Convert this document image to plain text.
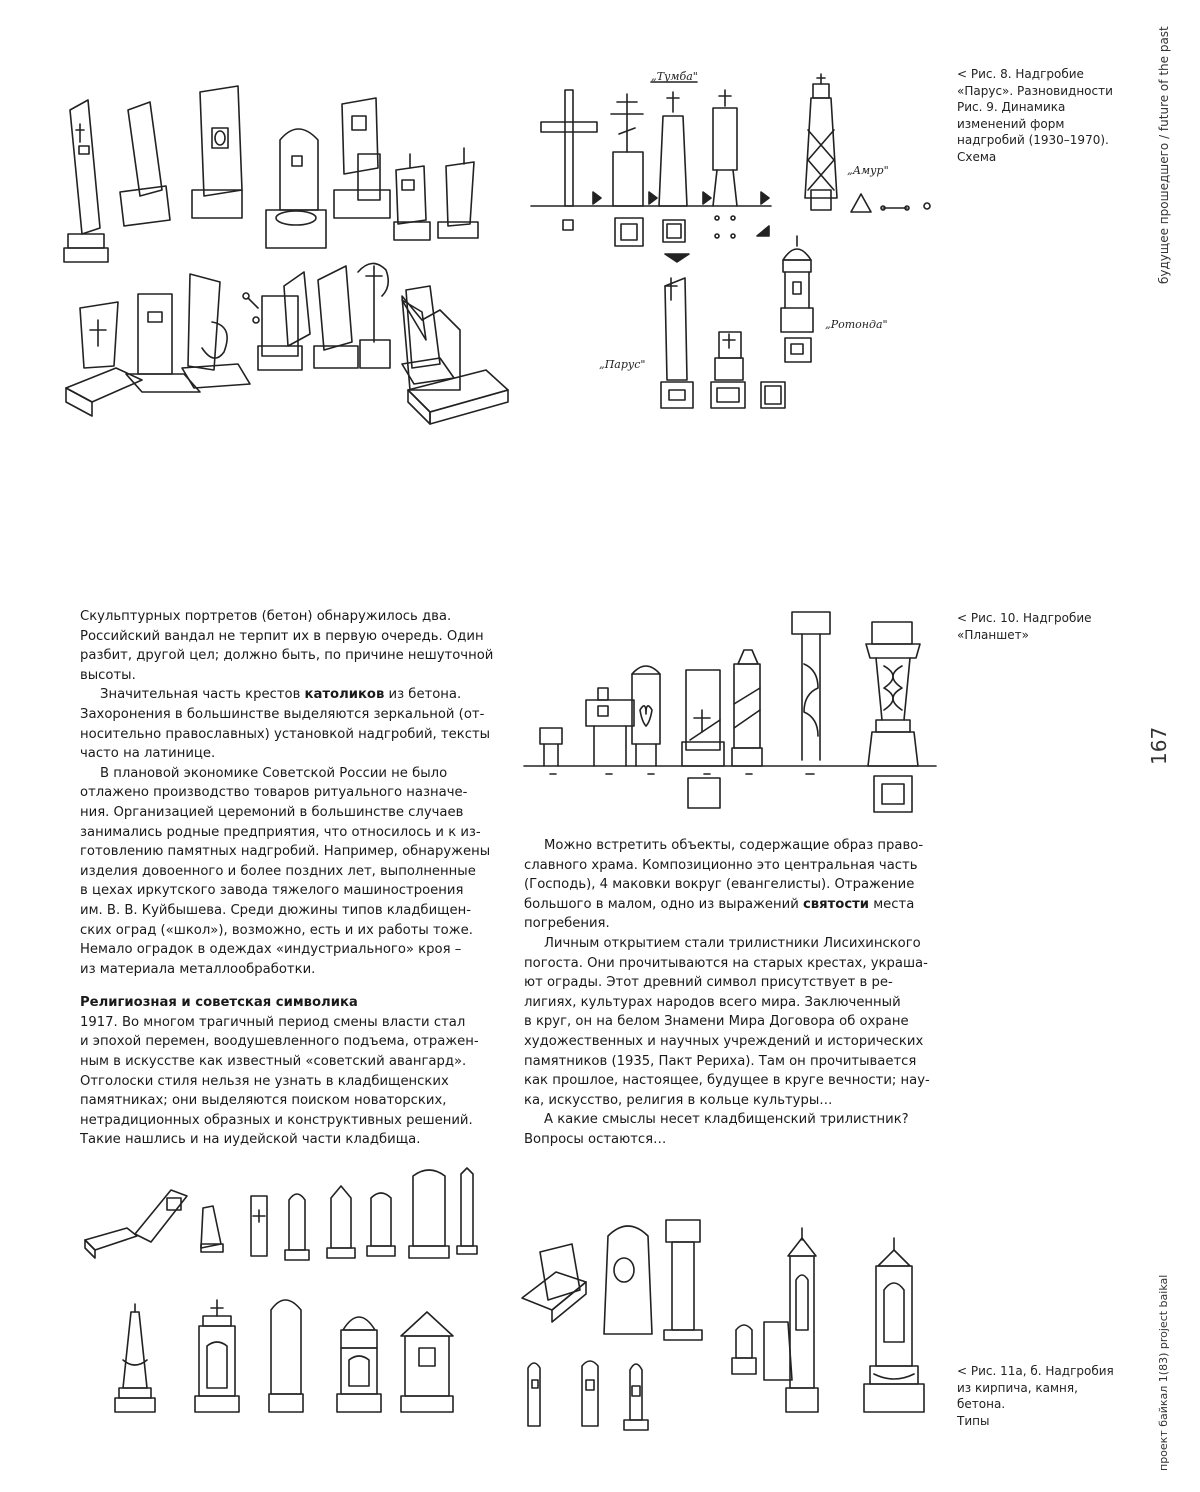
„Тумба"
„Амур"
„Парус"
„Ротонда"
< Рис. 8. Надгробие
«Парус». Разновидности
Рис. 9. Динамика
изменений форм
надгробий (1930–1970).
Схема	будущее прошедшего / future of the past
167
проект байкал 1(83) project baikal

Скульптурных портретов (бетон) обнаружилось два.
Российский вандал не терпит их в первую очередь. Один
разбит, другой цел; должно быть, по причине нешуточной
высоты.

Значительная часть крестов католиков из бетона.
Захоронения в большинстве выделяются зеркальной (от-
носительно православных) установкой надгробий, тексты
часто на латинице.

В плановой экономике Советской России не было
отлажено производство товаров ритуального назначе-
ния. Организацией церемоний в большинстве случаев
занимались родные предприятия, что относилось и к из-
готовлению памятных надгробий. Например, обнаружены
изделия довоенного и более поздних лет, выполненные
в цехах иркутского завода тяжелого машиностроения
им. В. В. Куйбышева. Среди дюжины типов кладбищен-
ских оград («школ»), возможно, есть и их работы тоже.
Немало оградок в одеждах «индустриального» кроя –
из материала металлообработки.

Религиозная и советская символика

1917. Во многом трагичный период смены власти стал
и эпохой перемен, воодушевленного подъема, отражен-
ным в искусстве как известный «советский авангард».
Отголоски стиля нельзя не узнать в кладбищенских
памятниках; они выделяются поиском новаторских,
нетрадиционных образных и конструктивных решений.
Такие нашлись и на иудейской части кладбища.

< Рис. 10. Надгробие
«Планшет»

Можно встретить объекты, содержащие образ право-
славного храма. Композиционно это центральная часть
(Господь), 4 маковки вокруг (евангелисты). Отражение
большого в малом, одно из выражений святости места
погребения.

Личным открытием стали трилистники Лисихинского
погоста. Они прочитываются на старых крестах, украша-
ют ограды. Этот древний символ присутствует в ре-
лигиях, культурах народов всего мира. Заключенный
в круг, он на белом Знамени Мира Договора об охране
художественных и научных учреждений и исторических
памятников (1935, Пакт Рериха). Там он прочитывается
как прошлое, настоящее, будущее в круге вечности; нау-
ка, искусство, религия в кольце культуры…

А какие смыслы несет кладбищенский трилистник?
Вопросы остаются…

< Рис. 11а, б. Надгробия
из кирпича, камня, бетона.
Типы
